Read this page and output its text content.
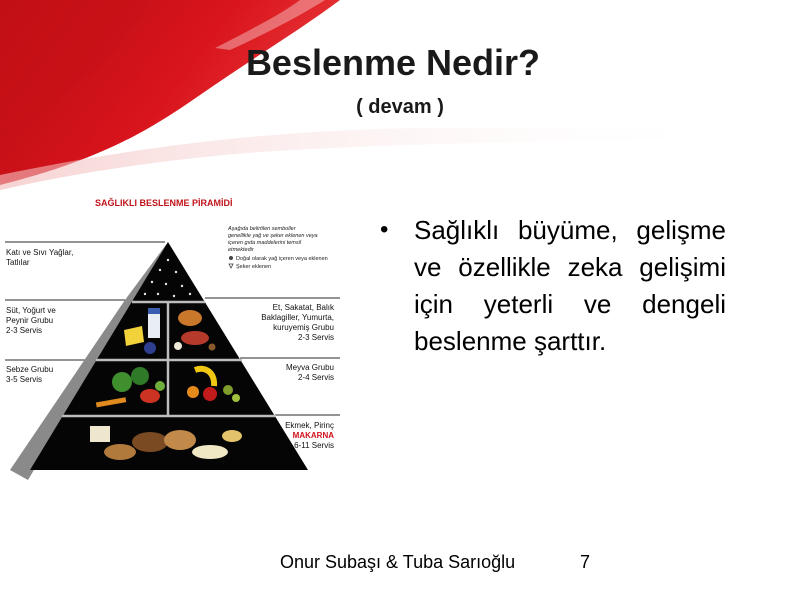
Beslenme Nedir?
( devam )
SAĞLIKLI BESLENME PİRAMİDİ
Aşağıda belirtilen semboller
genellikle yağ ve şeker eklenen veya
içeren gıda maddelerini temsil
etmektedir
Doğal olarak yağ içeren veya eklenen
Şeker eklenen
Katı ve Sıvı Yağlar,
Tatlılar
Süt, Yoğurt ve
Peynir Grubu
2-3 Servis
Sebze Grubu
3-5 Servis
Et, Sakatat, Balık
Baklagiller, Yumurta,
kuruyemiş Grubu
2-3 Servis
Meyva Grubu
2-4 Servis
Ekmek, Pirinç
MAKARNA
6-11 Servis
• Sağlıklı büyüme, gelişme ve özellikle zeka gelişimi için yeterli ve dengeli beslenme şarttır.
Onur Subaşı & Tuba Sarıoğlu	7
